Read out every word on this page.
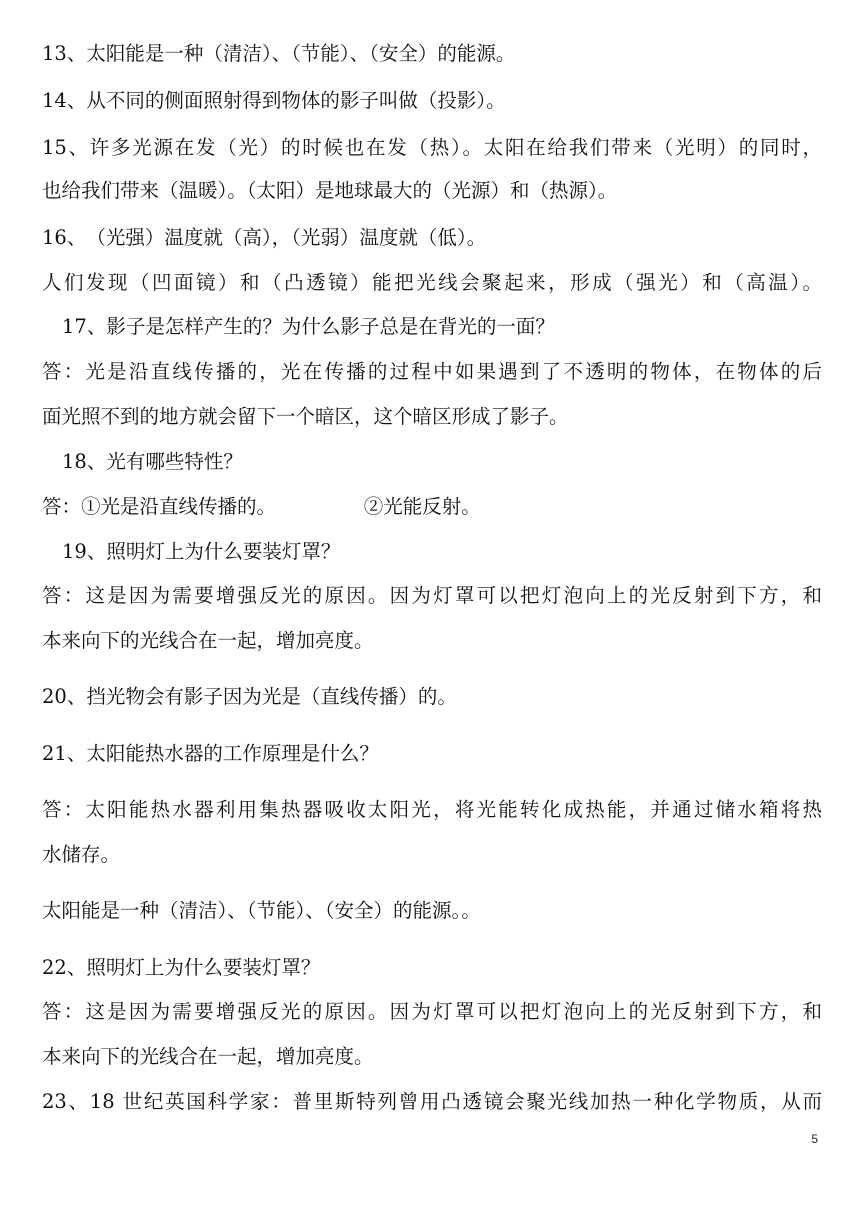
13、太阳能是一种（清洁）、（节能）、（安全）的能源。
14、从不同的侧面照射得到物体的影子叫做（投影）。
15、许多光源在发（光）的时候也在发（热）。太阳在给我们带来（光明）的同时，
也给我们带来（温暖）。（太阳）是地球最大的（光源）和（热源）。
16、　（光强）温度就（高），（光弱）温度就（低）。
人们发现（凹面镜）和（凸透镜）能把光线会聚起来，形成（强光）和（高温）。
17、影子是怎样产生的？为什么影子总是在背光的一面？
答：光是沿直线传播的，光在传播的过程中如果遇到了不透明的物体，在物体的后
面光照不到的地方就会留下一个暗区，这个暗区形成了影子。
18、光有哪些特性？
答：①光是沿直线传播的。　　　　　②光能反射。
19、照明灯上为什么要装灯罩？
答：这是因为需要增强反光的原因。因为灯罩可以把灯泡向上的光反射到下方，和
本来向下的光线合在一起，增加亮度。
20、挡光物会有影子因为光是（直线传播）的。
21、太阳能热水器的工作原理是什么？
答：太阳能热水器利用集热器吸收太阳光，将光能转化成热能，并通过储水箱将热
水储存。
太阳能是一种（清洁）、（节能）、（安全）的能源。。
22、照明灯上为什么要装灯罩？
答：这是因为需要增强反光的原因。因为灯罩可以把灯泡向上的光反射到下方，和
本来向下的光线合在一起，增加亮度。
23、18 世纪英国科学家：普里斯特列曾用凸透镜会聚光线加热一种化学物质，从而
5
